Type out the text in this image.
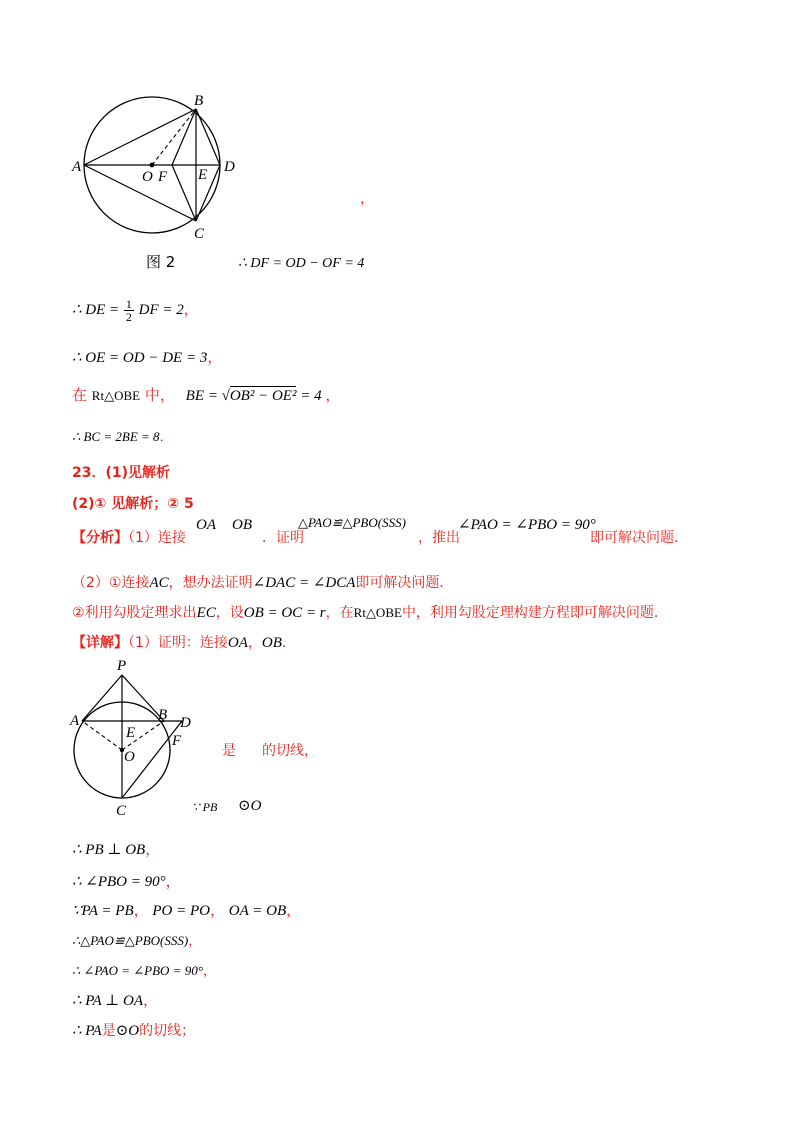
A
B
C
D
O F E
图 2
，
∴ DF = OD − OF = 4
∴ DE = $\frac{1}{2}$ DF = 2，
∴ OE = OD − DE = 3，
在 Rt△OBE 中， BE = √OB² − OE² = 4 ，
∴ BC = 2BE = 8．
23．(1)见解析
(2)① 见解析；② 5
【分析】（1）连接
OA OB
．证明
△PAO≌△PBO(SSS)
，推出
∠PAO = ∠PBO = 90°
即可解决问题．
（2）①连接AC，想办法证明∠DAC = ∠DCA即可解决问题．
②利用勾股定理求出EC，设OB = OC = r，在Rt△OBE中，利用勾股定理构建方程即可解决问题．
【详解】（1）证明：连接OA，OB．
P
A	B D
E F
O
C
是 的切线，
∵ PB ⊙O
∴ PB ⊥ OB，
∴ ∠PBO = 90°，
∵PA = PB， PO = PO， OA = OB，
∴△PAO≌△PBO(SSS)，
∴ ∠PAO = ∠PBO = 90°，
∴ PA ⊥ OA，
∴ PA是⊙O的切线；
